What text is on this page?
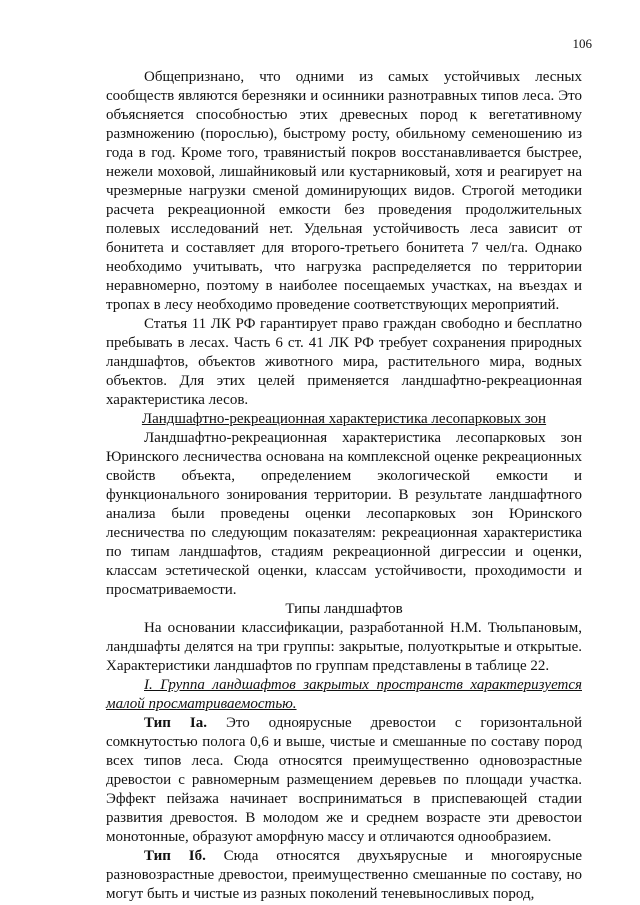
106

Общепризнано, что одними из самых устойчивых лесных сообществ являются березняки и осинники разнотравных типов леса. Это объясняется способностью этих древесных пород к вегетативному размножению (порослью), быстрому росту, обильному семеношению из года в год. Кроме того, травянистый покров восстанавливается быстрее, нежели моховой, лишайниковый или кустарниковый, хотя и реагирует на чрезмерные нагрузки сменой доминирующих видов. Строгой методики расчета рекреационной емкости без проведения продолжительных полевых исследований нет. Удельная устойчивость леса зависит от бонитета и составляет для второго-третьего бонитета 7 чел/га. Однако необходимо учитывать, что нагрузка распределяется по территории неравномерно, поэтому в наиболее посещаемых участках, на въездах и тропах в лесу необходимо проведение соответствующих мероприятий.

Статья 11 ЛК РФ гарантирует право граждан свободно и бесплатно пребывать в лесах. Часть 6 ст. 41 ЛК РФ требует сохранения природных ландшафтов, объектов животного мира, растительного мира, водных объектов. Для этих целей применяется ландшафтно-рекреационная характеристика лесов.

Ландшафтно-рекреационная характеристика лесопарковых зон

Ландшафтно-рекреационная характеристика лесопарковых зон Юринского лесничества основана на комплексной оценке рекреационных свойств объекта, определением экологической емкости и функционального зонирования территории. В результате ландшафтного анализа были проведены оценки лесопарковых зон Юринского лесничества по следующим показателям: рекреационная характеристика по типам ландшафтов, стадиям рекреационной дигрессии и оценки, классам эстетической оценки, классам устойчивости, проходимости и просматриваемости.

Типы ландшафтов

На основании классификации, разработанной Н.М. Тюльпановым, ландшафты делятся на три группы: закрытые, полуоткрытые и открытые. Характеристики ландшафтов по группам представлены в таблице 22.

I. Группа ландшафтов закрытых пространств характеризуется малой просматриваемостью.

Тип Iа. Это одноярусные древостои с горизонтальной сомкнутостью полога 0,6 и выше, чистые и смешанные по составу пород всех типов леса. Сюда относятся преимущественно одновозрастные древостои с равномерным размещением деревьев по площади участка. Эффект пейзажа начинает восприниматься в приспевающей стадии развития древостоя. В молодом же и среднем возрасте эти древостои монотонные, образуют аморфную массу и отличаются однообразием.

Тип Iб. Сюда относятся двухъярусные и многоярусные разновозрастные древостои, преимущественно смешанные по составу, но могут быть и чистые из разных поколений теневыносливых пород,
